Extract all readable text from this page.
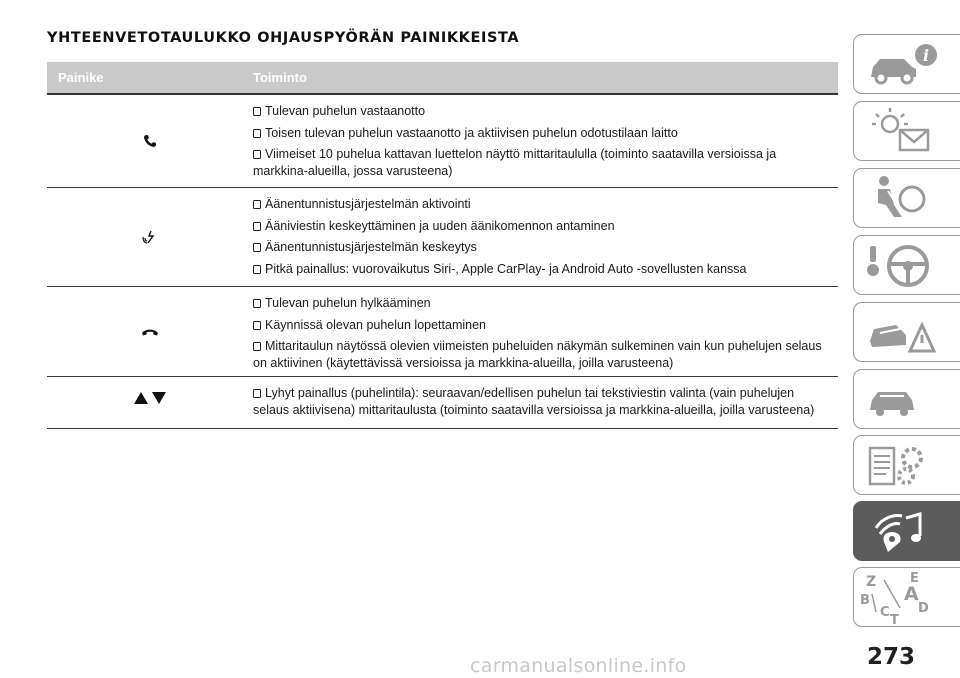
YHTEENVETOTAULUKKO OHJAUSPYÖRÄN PAINIKKEISTA
Painike	Toiminto
Tulevan puhelun vastaanotto
Toisen tulevan puhelun vastaanotto ja aktiivisen puhelun odotustilaan laitto
Viimeiset 10 puhelua kattavan luettelon näyttö mittaritaululla (toiminto saatavilla versioissa ja markkina-alueilla, jossa varusteena)
Äänentunnistusjärjestelmän aktivointi
Ääniviestin keskeyttäminen ja uuden äänikomennon antaminen
Äänentunnistusjärjestelmän keskeytys
Pitkä painallus: vuorovaikutus Siri-, Apple CarPlay- ja Android Auto -sovellusten kanssa
Tulevan puhelun hylkääminen
Käynnissä olevan puhelun lopettaminen
Mittaritaulun näytössä olevien viimeisten puheluiden näkymän sulkeminen vain kun puhelujen selaus on aktiivinen (käytettävissä versioissa ja markkina-alueilla, joilla varusteena)
Lyhyt painallus (puhelintila): seuraavan/edellisen puhelun tai tekstiviestin valinta (vain puhelujen selaus aktiivisena) mittaritaulusta (toiminto saatavilla versioissa ja markkina-alueilla, joilla varusteena)
i
Z	E
B A
C D
T
273
carmanualsonline.info
